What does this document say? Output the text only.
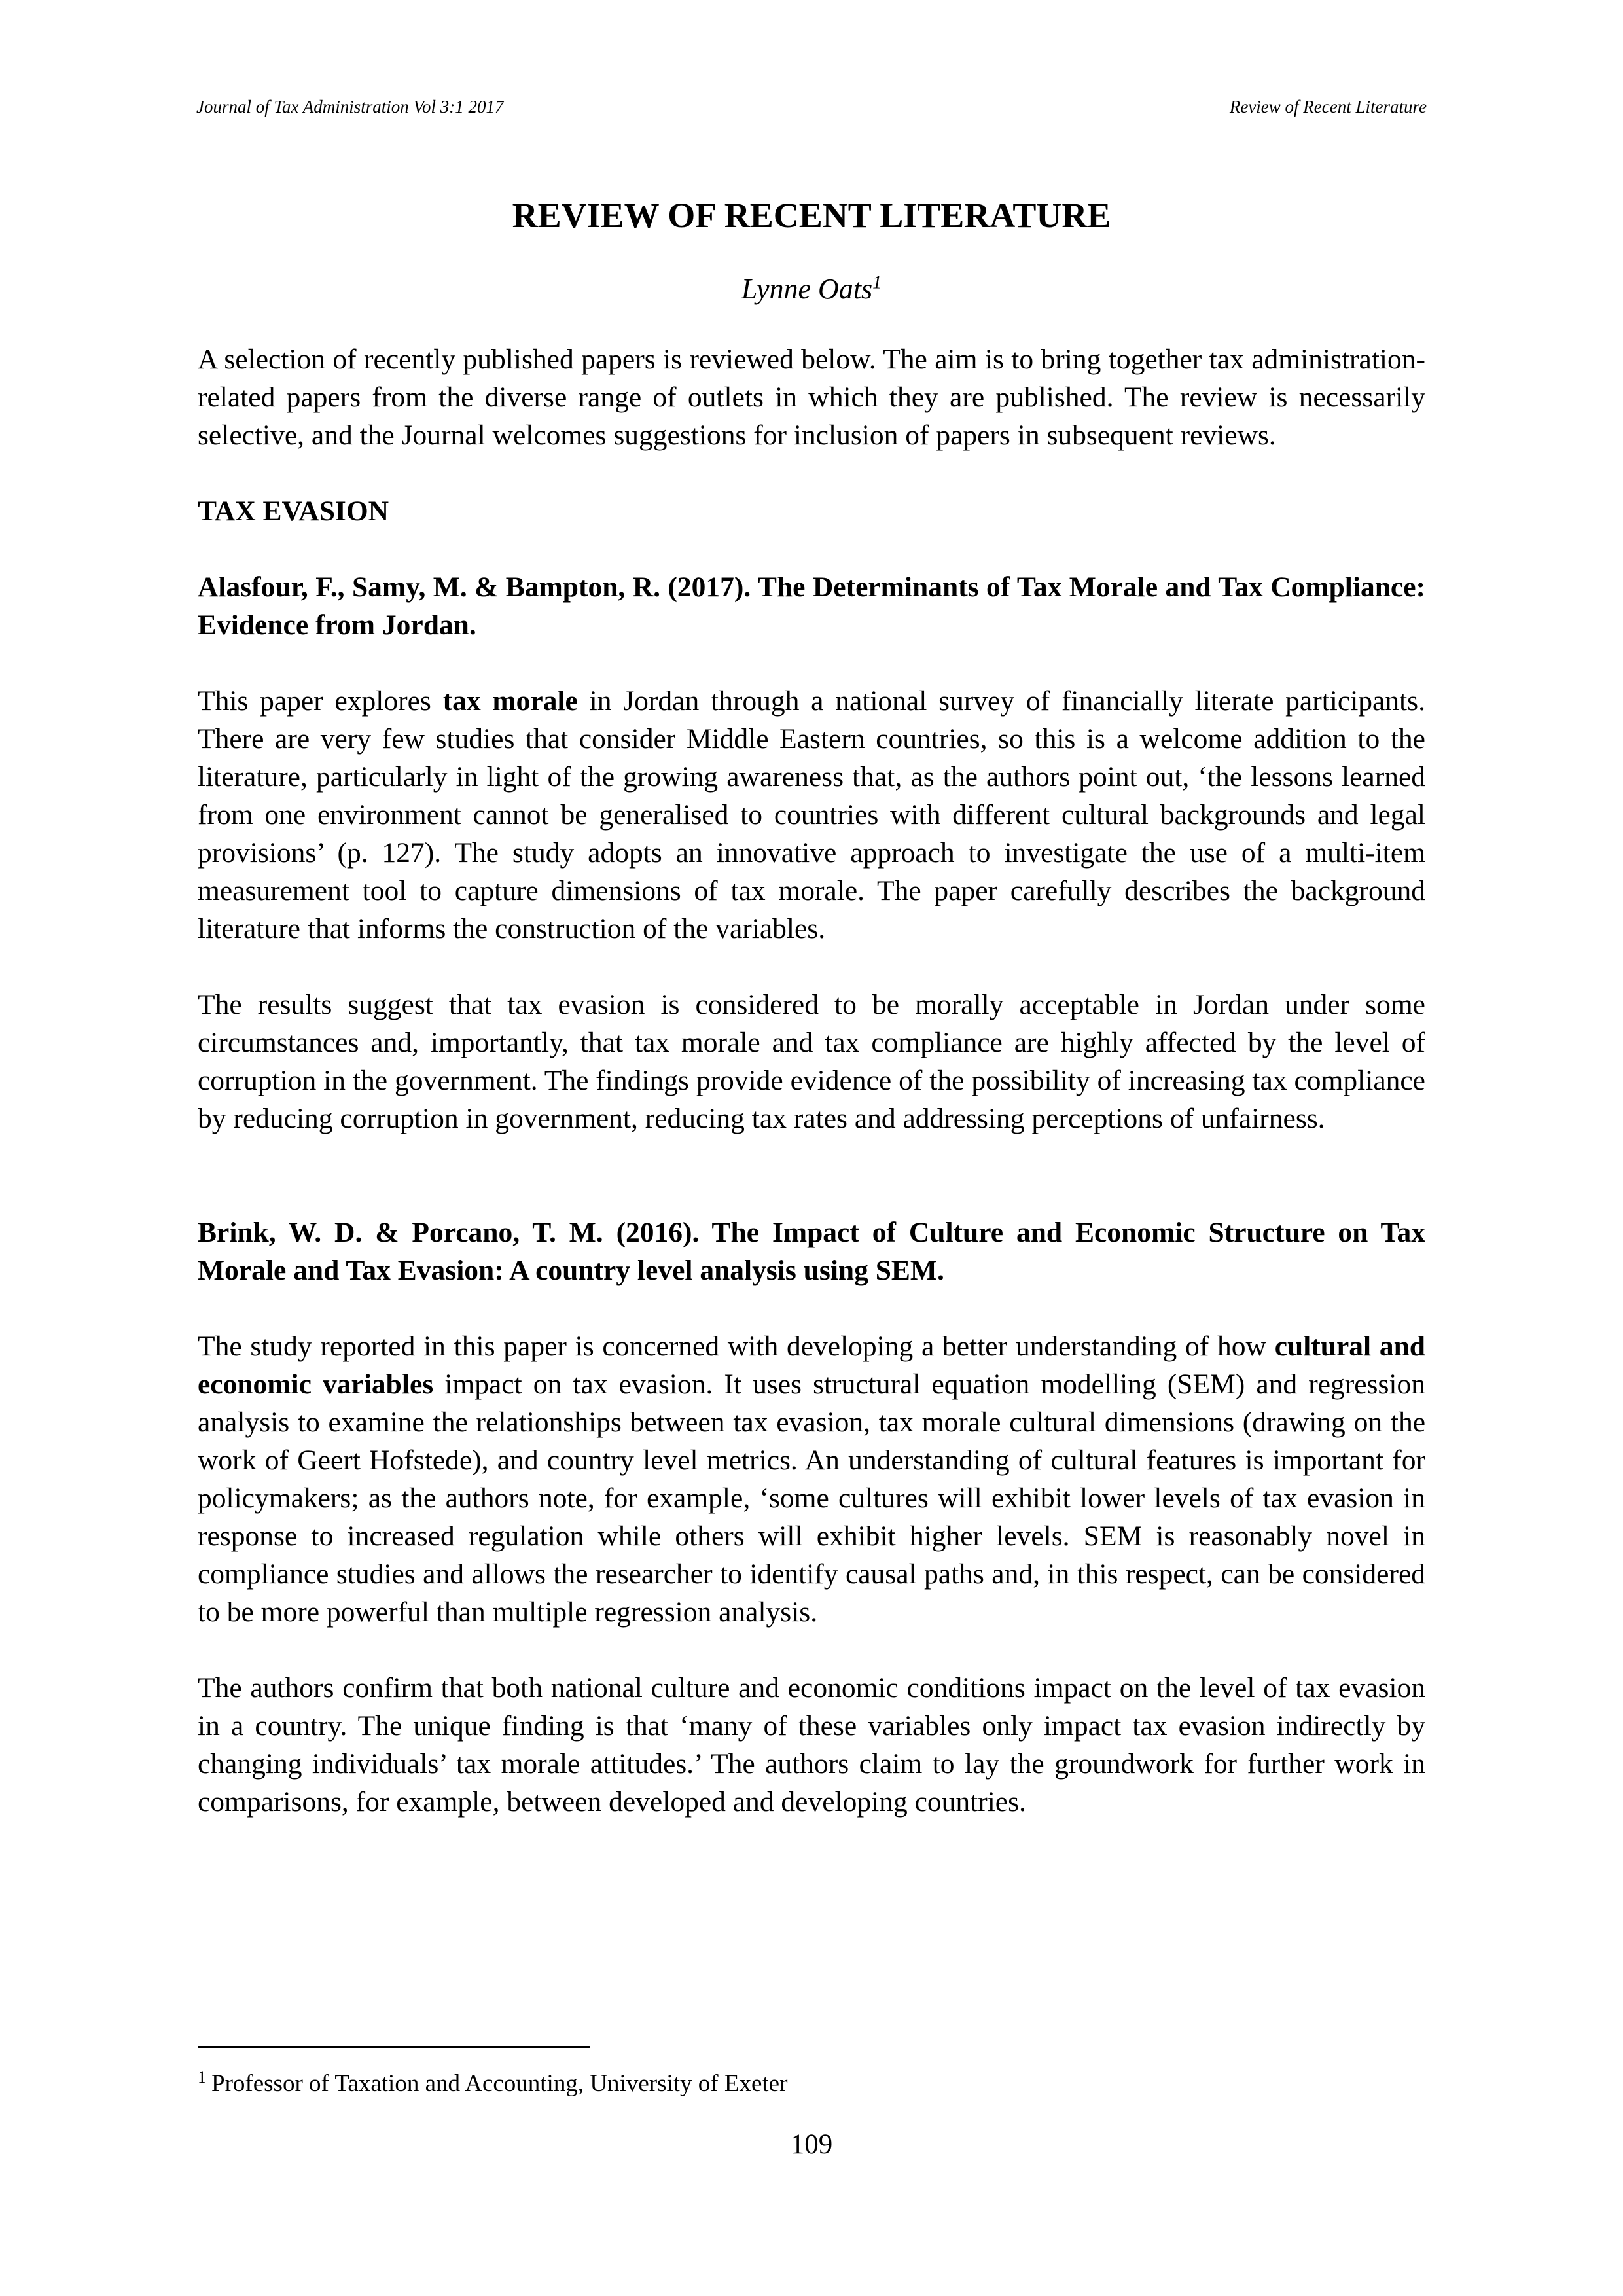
Journal of Tax Administration Vol 3:1 2017	Review of Recent Literature
REVIEW OF RECENT LITERATURE
Lynne Oats$^1$

A selection of recently published papers is reviewed below. The aim is to bring together tax administration-related papers from the diverse range of outlets in which they are published. The review is necessarily selective, and the Journal welcomes suggestions for inclusion of papers in subsequent reviews.

TAX EVASION

Alasfour, F., Samy, M. & Bampton, R. (2017). The Determinants of Tax Morale and Tax Compliance: Evidence from Jordan.

This paper explores tax morale in Jordan through a national survey of financially literate participants. There are very few studies that consider Middle Eastern countries, so this is a welcome addition to the literature, particularly in light of the growing awareness that, as the authors point out, ‘the lessons learned from one environment cannot be generalised to countries with different cultural backgrounds and legal provisions’ (p. 127). The study adopts an innovative approach to investigate the use of a multi-item measurement tool to capture dimensions of tax morale. The paper carefully describes the background literature that informs the construction of the variables.

The results suggest that tax evasion is considered to be morally acceptable in Jordan under some circumstances and, importantly, that tax morale and tax compliance are highly affected by the level of corruption in the government. The findings provide evidence of the possibility of increasing tax compliance by reducing corruption in government, reducing tax rates and addressing perceptions of unfairness.

Brink, W. D. & Porcano, T. M. (2016). The Impact of Culture and Economic Structure on Tax Morale and Tax Evasion: A country level analysis using SEM.

The study reported in this paper is concerned with developing a better understanding of how cultural and economic variables impact on tax evasion. It uses structural equation modelling (SEM) and regression analysis to examine the relationships between tax evasion, tax morale cultural dimensions (drawing on the work of Geert Hofstede), and country level metrics. An understanding of cultural features is important for policymakers; as the authors note, for example, ‘some cultures will exhibit lower levels of tax evasion in response to increased regulation while others will exhibit higher levels. SEM is reasonably novel in compliance studies and allows the researcher to identify causal paths and, in this respect, can be considered to be more powerful than multiple regression analysis.

The authors confirm that both national culture and economic conditions impact on the level of tax evasion in a country. The unique finding is that ‘many of these variables only impact tax evasion indirectly by changing individuals’ tax morale attitudes.’ The authors claim to lay the groundwork for further work in comparisons, for example, between developed and developing countries.

$^1$ Professor of Taxation and Accounting, University of Exeter
109
